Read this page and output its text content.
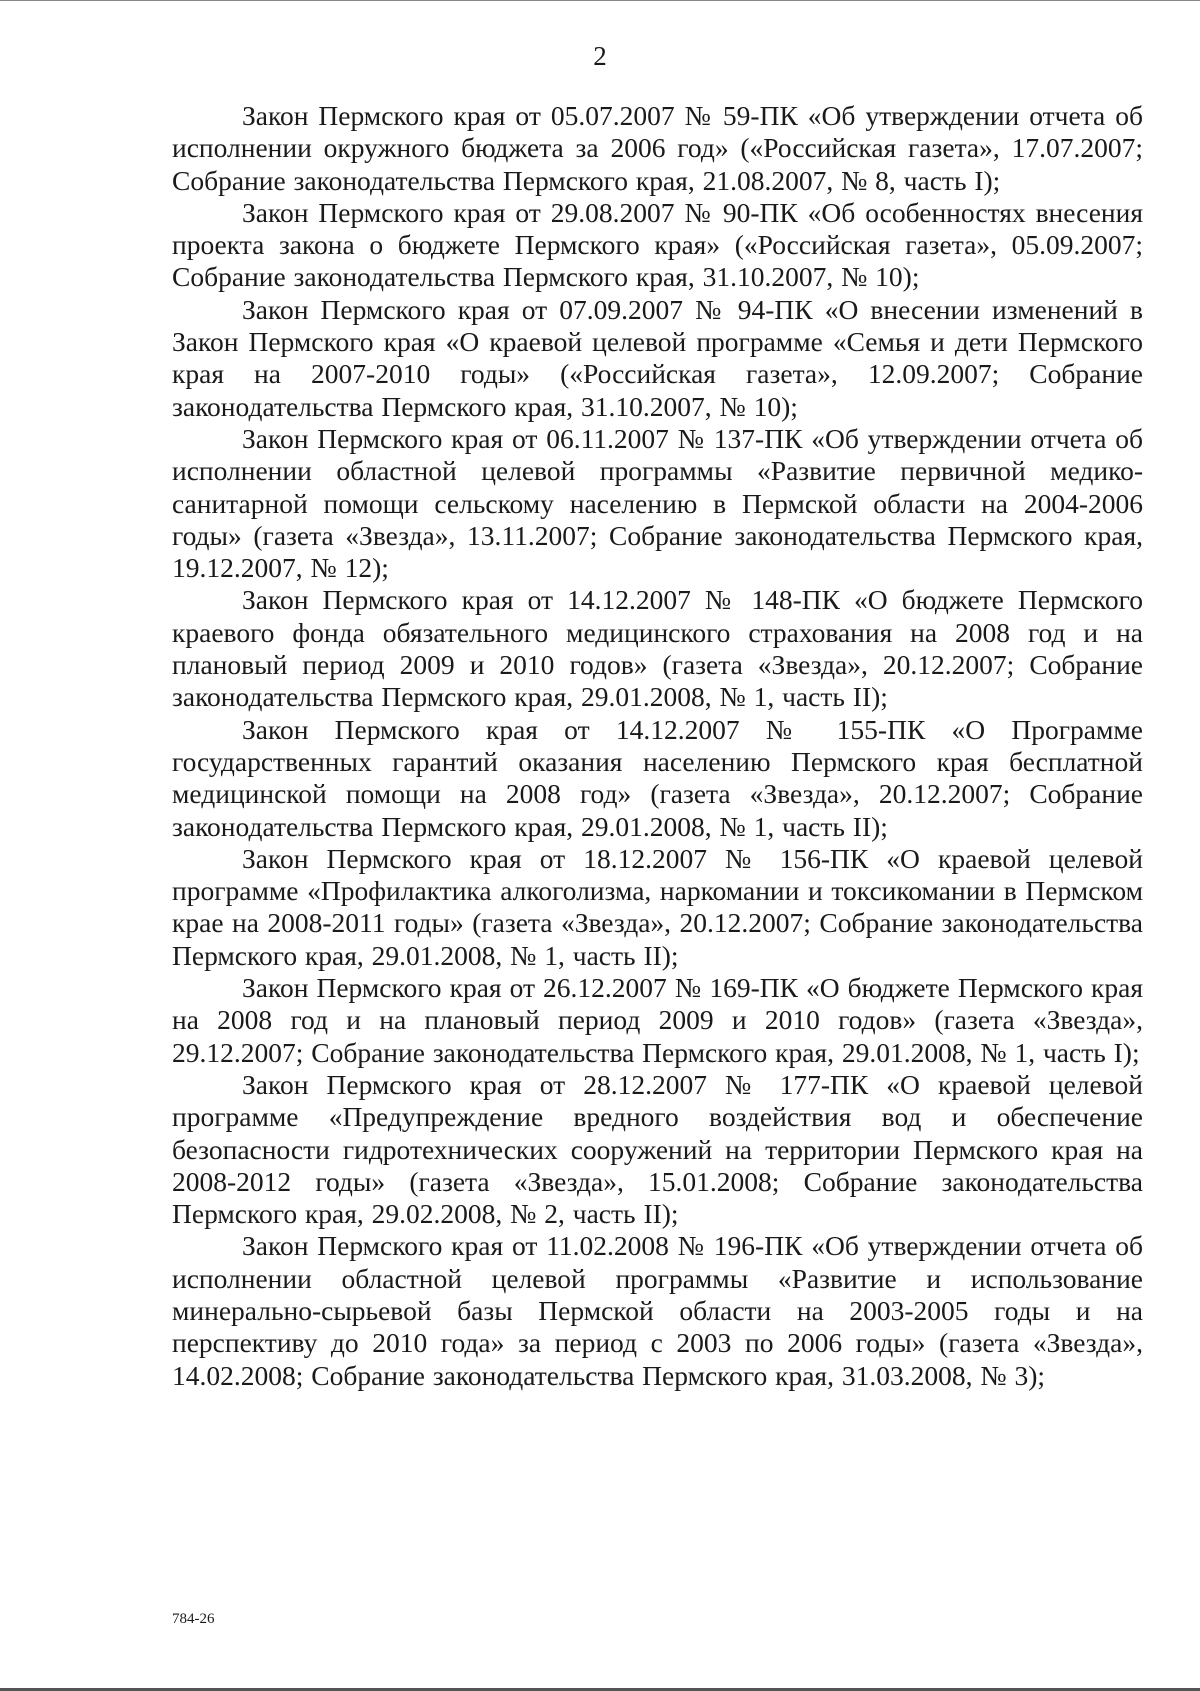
2

Закон Пермского края от 05.07.2007 № 59-ПК «Об утверждении отчета об исполнении окружного бюджета за 2006 год» («Российская газета», 17.07.2007; Собрание законодательства Пермского края, 21.08.2007, № 8, часть I);

Закон Пермского края от 29.08.2007 № 90-ПК «Об особенностях внесения проекта закона о бюджете Пермского края» («Российская газета», 05.09.2007; Собрание законодательства Пермского края, 31.10.2007, № 10);

Закон Пермского края от 07.09.2007 № 94-ПК «О внесении изменений в Закон Пермского края «О краевой целевой программе «Семья и дети Пермского края на 2007-2010 годы» («Российская газета», 12.09.2007; Собрание законодательства Пермского края, 31.10.2007, № 10);

Закон Пермского края от 06.11.2007 № 137-ПК «Об утверждении отчета об исполнении областной целевой программы «Развитие первичной медико-санитарной помощи сельскому населению в Пермской области на 2004-2006 годы» (газета «Звезда», 13.11.2007; Собрание законодательства Пермского края, 19.12.2007, № 12);

Закон Пермского края от 14.12.2007 № 148-ПК «О бюджете Пермского краевого фонда обязательного медицинского страхования на 2008 год и на плановый период 2009 и 2010 годов» (газета «Звезда», 20.12.2007; Собрание законодательства Пермского края, 29.01.2008, № 1, часть II);

Закон Пермского края от 14.12.2007 № 155-ПК «О Программе государственных гарантий оказания населению Пермского края бесплатной медицинской помощи на 2008 год» (газета «Звезда», 20.12.2007; Собрание законодательства Пермского края, 29.01.2008, № 1, часть II);

Закон Пермского края от 18.12.2007 № 156-ПК «О краевой целевой программе «Профилактика алкоголизма, наркомании и токсикомании в Пермском крае на 2008-2011 годы» (газета «Звезда», 20.12.2007; Собрание законодательства Пермского края, 29.01.2008, № 1, часть II);

Закон Пермского края от 26.12.2007 № 169-ПК «О бюджете Пермского края на 2008 год и на плановый период 2009 и 2010 годов» (газета «Звезда», 29.12.2007; Собрание законодательства Пермского края, 29.01.2008, № 1, часть I);

Закон Пермского края от 28.12.2007 № 177-ПК «О краевой целевой программе «Предупреждение вредного воздействия вод и обеспечение безопасности гидротехнических сооружений на территории Пермского края на 2008-2012 годы» (газета «Звезда», 15.01.2008; Собрание законодательства Пермского края, 29.02.2008, № 2, часть II);

Закон Пермского края от 11.02.2008 № 196-ПК «Об утверждении отчета об исполнении областной целевой программы «Развитие и использование минерально-сырьевой базы Пермской области на 2003-2005 годы и на перспективу до 2010 года» за период с 2003 по 2006 годы» (газета «Звезда», 14.02.2008; Собрание законодательства Пермского края, 31.03.2008, № 3);

784-26
